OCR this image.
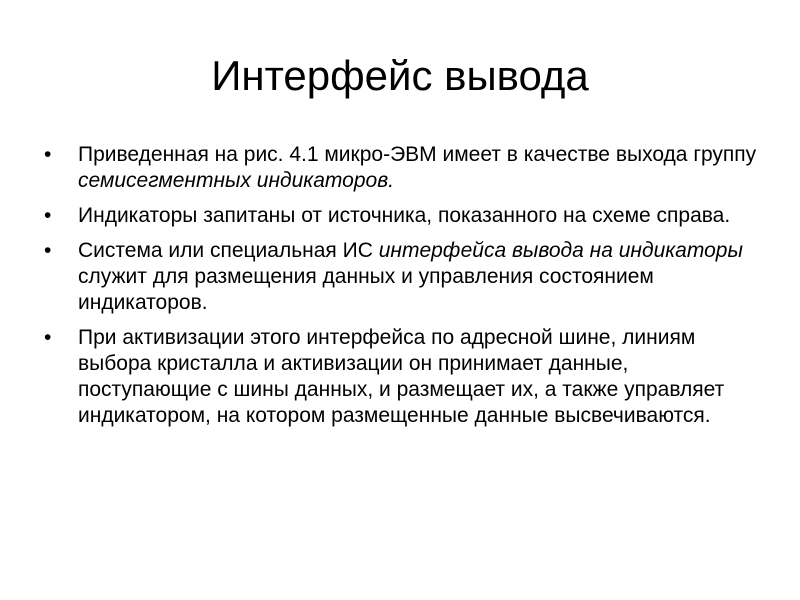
Интерфейс вывода
•	Приведенная на рис. 4.1 микро-ЭВМ имеет в качестве выхода группу семисегментных индикаторов.
•	Индикаторы запитаны от источника, показанного на схеме справа.
•	Система или специальная ИС интерфейса вывода на индикаторы служит для размещения данных и управления состоянием индикаторов.
•	При активизации этого интерфейса по адресной шине, линиям выбора кристалла и активизации он принимает данные, поступающие с шины данных, и размещает их, а также управляет индикатором, на котором размещенные данные высвечиваются.
